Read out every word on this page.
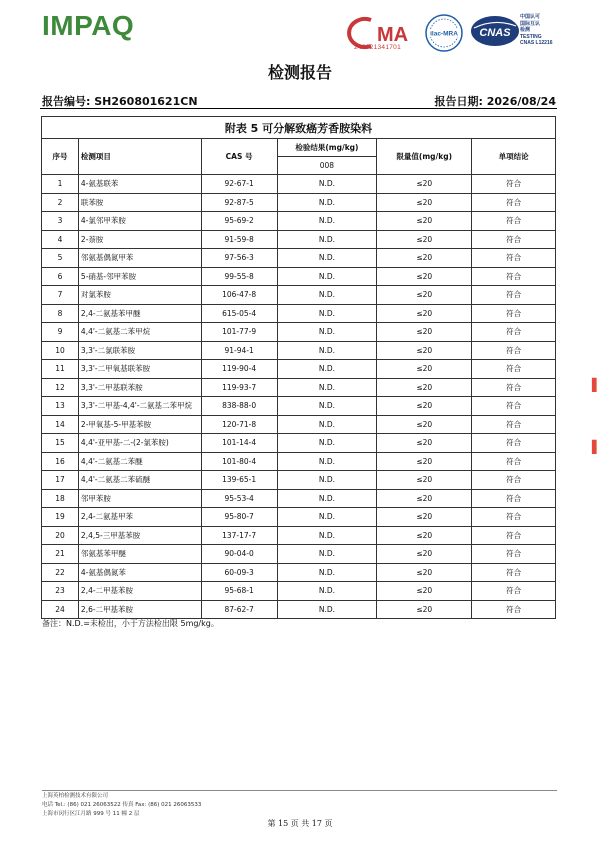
IMPAQ	MA
240921341701
ilac-MRA CNAS
中国认可
国际互认
检测
TESTING
CNAS L12216
检测报告
报告编号: SH260801621CN	报告日期: 2026/08/24
附表 5 可分解致癌芳香胺染料					
序号	检测项目	CAS 号	检验结果(mg/kg)	限量值(mg/kg)	单项结论
			008		
1	4-氨基联苯	92-67-1	N.D.	≤20	符合
2	联苯胺	92-87-5	N.D.	≤20	符合
3	4-氯邻甲苯胺	95-69-2	N.D.	≤20	符合
4	2-萘胺	91-59-8	N.D.	≤20	符合
5	邻氨基偶氮甲苯	97-56-3	N.D.	≤20	符合
6	5-硝基-邻甲苯胺	99-55-8	N.D.	≤20	符合
7	对氯苯胺	106-47-8	N.D.	≤20	符合
8	2,4-二氨基苯甲醚	615-05-4	N.D.	≤20	符合
9	4,4'-二氨基二苯甲烷	101-77-9	N.D.	≤20	符合
10	3,3'-二氯联苯胺	91-94-1	N.D.	≤20	符合
11	3,3'-二甲氧基联苯胺	119-90-4	N.D.	≤20	符合
12	3,3'-二甲基联苯胺	119-93-7	N.D.	≤20	符合
13	3,3'-二甲基-4,4'-二氨基二苯甲烷	838-88-0	N.D.	≤20	符合
14	2-甲氧基-5-甲基苯胺	120-71-8	N.D.	≤20	符合
15	4,4'-亚甲基-二-(2-氯苯胺)	101-14-4	N.D.	≤20	符合
16	4,4'-二氨基二苯醚	101-80-4	N.D.	≤20	符合
17	4,4'-二氨基二苯硫醚	139-65-1	N.D.	≤20	符合
18	邻甲苯胺	95-53-4	N.D.	≤20	符合
19	2,4-二氨基甲苯	95-80-7	N.D.	≤20	符合
20	2,4,5-三甲基苯胺	137-17-7	N.D.	≤20	符合
21	邻氨基苯甲醚	90-04-0	N.D.	≤20	符合
22	4-氨基偶氮苯	60-09-3	N.D.	≤20	符合
23	2,4-二甲基苯胺	95-68-1	N.D.	≤20	符合
24	2,6-二甲基苯胺	87-62-7	N.D.	≤20	符合
备注：N.D.=未检出，小于方法检出限 5mg/kg。
上海英柏检测技术有限公司
电话 Tel.: (86) 021 26063522 传真 Fax: (86) 021 26063533
上海市闵行区江月路 999 号 11 幢 2 层
第 15 页 共 17 页
▌
▌
